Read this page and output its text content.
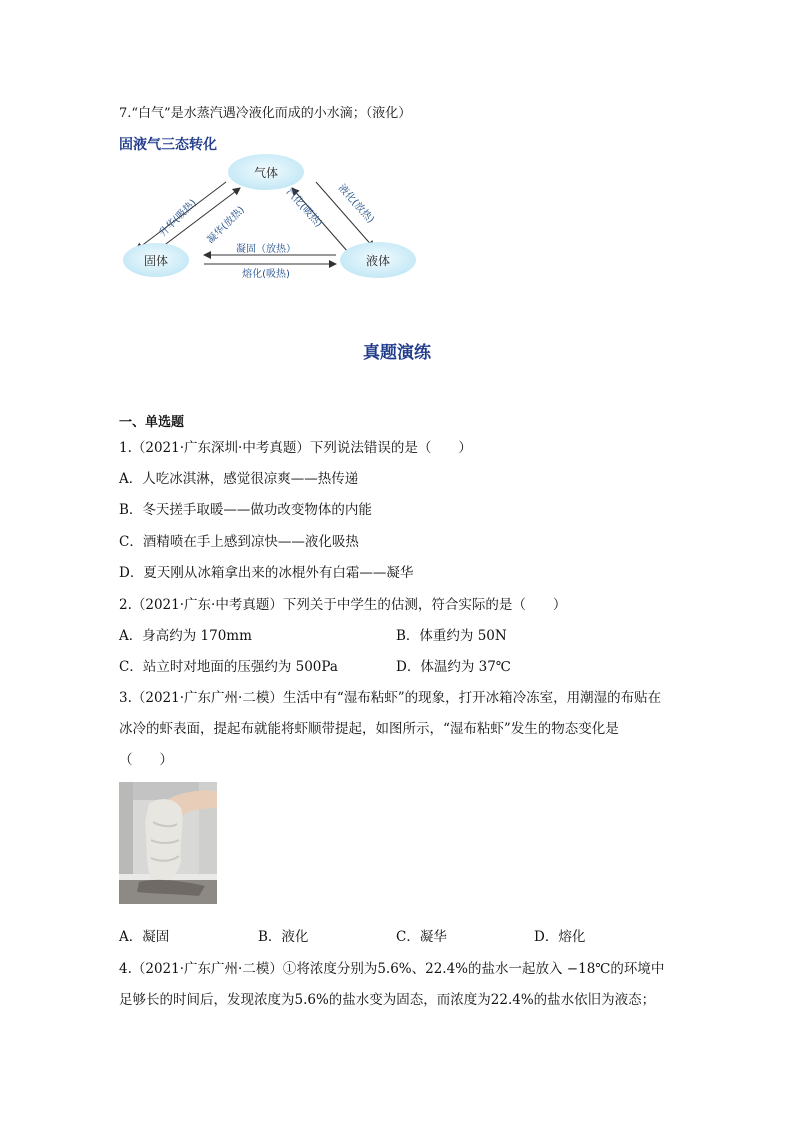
7.“白气”是水蒸汽遇冷液化而成的小水滴；（液化）
固液气三态转化
气体
固体	液体
升华(吸热) 凝华(放热)	汽化(吸热) 液化(放热)
凝固（放热）
熔化(吸热)
真题演练
一、单选题
1.（2021·广东深圳·中考真题）下列说法错误的是（　　）
A．人吃冰淇淋，感觉很凉爽——热传递
B．冬天搓手取暖——做功改变物体的内能
C．酒精喷在手上感到凉快——液化吸热
D．夏天刚从冰箱拿出来的冰棍外有白霜——凝华
2.（2021·广东·中考真题）下列关于中学生的估测，符合实际的是（　　）
A．身高约为 170mm	B．体重约为 50N
C．站立时对地面的压强约为 500Pa	D．体温约为 37℃
3.（2021·广东广州·二模）生活中有“湿布粘虾”的现象，打开冰箱冷冻室，用潮湿的布贴在
冰冷的虾表面，提起布就能将虾顺带提起，如图所示，“湿布粘虾”发生的物态变化是
（　　）
A．凝固	B．液化	C．凝华	D．熔化
4.（2021·广东广州·二模）①将浓度分别为5.6%、22.4%的盐水一起放入 −18℃的环境中
足够长的时间后，发现浓度为5.6%的盐水变为固态，而浓度为22.4%的盐水依旧为液态；
